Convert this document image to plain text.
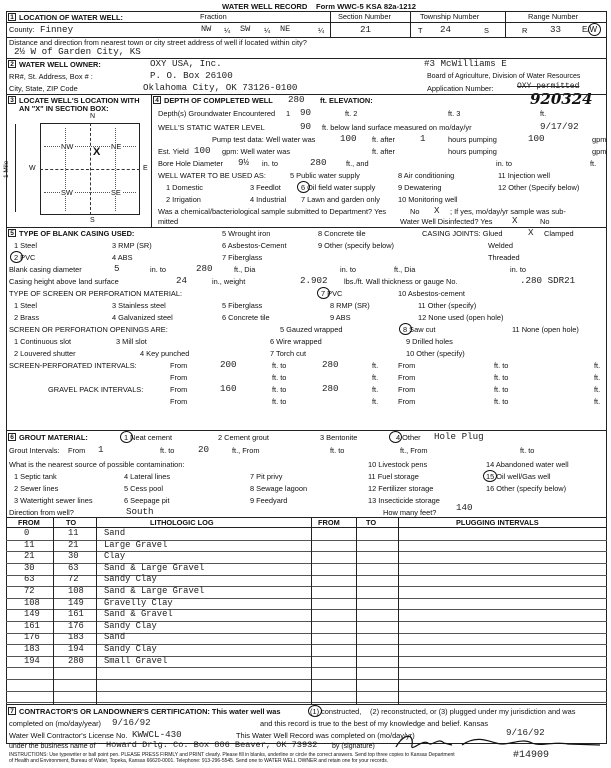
WATER WELL RECORD Form WWC-5 KSA 82a-1212
1 LOCATION OF WATER WELL:	Fraction	Section Number	Township Number	Range Number
County: Finney	NW ¼ SW ¼ NE	¼	21	T 24	S	R 33	E/W
Distance and direction from nearest town or city street address of well if located within city?
2½ W of Garden City, KS
2 WATER WELL OWNER:	OXY USA, Inc.	#3 McWilliams E
RR#, St. Address, Box # :	P. O. Box 26100	Board of Agriculture, Division of Water Resources
City, State, ZIP Code	Oklahoma City, OK 73126-0100	Application Number:	OXY permitted
920324
3 LOCATE WELL'S LOCATION WITH
AN "X" IN SECTION BOX:
N
S
W	E
1 Mile
NW	NE
SW	SE
X
4 DEPTH OF COMPLETED WELL 280 ft. ELEVATION:
Depth(s) Groundwater Encountered 1 90	ft. 2	ft. 3	ft.
WELL'S STATIC WATER LEVEL	90 ft. below land surface measured on mo/day/yr	9/17/92
Pump test data: Well water was	100 ft. after	1	hours pumping	100	gpm
Est. Yield 100 gpm: Well water was	ft. after	hours pumping	gpm
Bore Hole Diameter 9½ in. to	280	ft., and	in. to	ft.
WELL WATER TO BE USED AS:	5 Public water supply	8 Air conditioning	11 Injection well
1 Domestic	3 Feedlot	6 Oil field water supply	9 Dewatering	12 Other (Specify below)
2 Irrigation	4 Industrial 7 Lawn and garden only 10 Monitoring well
Was a chemical/bacteriological sample submitted to Department? Yes	No X ; If yes, mo/day/yr sample was sub-
mitted	Water Well Disinfected? Yes X	No
5 TYPE OF BLANK CASING USED:	5 Wrought iron	8 Concrete tile	CASING JOINTS: Glued	X Clamped
1 Steel	3 RMP (SR)	6 Asbestos-Cement	9 Other (specify below)	Welded
2 PVC	4 ABS	7 Fiberglass	Threaded
Blank casing diameter	5	in. to	280	ft., Dia	in. to	ft., Dia	in. to
Casing height above land surface	24	in., weight	2.902 lbs./ft. Wall thickness or gauge No.	.280 SDR21
TYPE OF SCREEN OR PERFORATION MATERIAL:	7 PVC	10 Asbestos-cement
1 Steel	3 Stainless steel	5 Fiberglass	8 RMP (SR)	11 Other (specify)
2 Brass	4 Galvanized steel	6 Concrete tile	9 ABS	12 None used (open hole)
SCREEN OR PERFORATION OPENINGS ARE:	5 Gauzed wrapped	8 Saw cut	11 None (open hole)
1 Continuous slot	3 Mill slot	6 Wire wrapped	9 Drilled holes
2 Louvered shutter	4 Key punched	7 Torch cut	10 Other (specify)
SCREEN-PERFORATED INTERVALS:	From	200	ft. to	280	ft.	From	ft. to	ft.
From	ft. to	ft.	From	ft. to	ft.
GRAVEL PACK INTERVALS:	From	160	ft. to	280	ft.	From	ft. to	ft.
From	ft. to	ft.	From	ft. to	ft.
6 GROUT MATERIAL:	1 Neat cement	2 Cement grout	3 Bentonite	4 Other Hole Plug
Grout Intervals: From 1	ft. to	20	ft., From	ft. to	ft., From	ft. to
What is the nearest source of possible contamination:	10 Livestock pens	14 Abandoned water well
1 Septic tank	4 Lateral lines	7 Pit privy	11 Fuel storage	15 Oil well/Gas well
2 Sewer lines	5 Cess pool	8 Sewage lagoon	12 Fertilizer storage	16 Other (specify below)
3 Watertight sewer lines	6 Seepage pit	9 Feedyard	13 Insecticide storage
Direction from well?	South	How many feet? 140
FROM	TO	LITHOLOGIC LOG	FROM	TO	PLUGGING INTERVALS
0	11	Sand
11	21	Large Gravel
21	30	Clay
30	63	Sand & Large Gravel
63	72	Sandy Clay
72	108 Sand & Large Gravel
108	149 Gravelly Clay
149	161 Sand & Gravel
161	176 Sandy Clay
176	183 Sand
183	194 Sandy Clay
194	280 Small Gravel
7 CONTRACTOR'S OR LANDOWNER'S CERTIFICATION: This water well was	(1) constructed, (2) reconstructed, or (3) plugged under my jurisdiction and was
completed on (mo/day/year) 9/16/92	and this record is true to the best of my knowledge and belief. Kansas
Water Well Contractor's License No. KWWCL-430	This Water Well Record was completed on (mo/day/yr)	9/16/92
under the business name of Howard Drlg. Co. Box 806 Beaver, OK 73932 by (signature)
INSTRUCTIONS: Use typewriter or ball point pen. PLEASE PRESS FIRMLY and PRINT clearly. Please fill in blanks, underline or circle the correct answers. Send top three copies to Kansas Department
of Health and Environment, Bureau of Water, Topeka, Kansas 66620-0001. Telephone: 913-296-5545. Send one to WATER WELL OWNER and retain one for your records.	#14909
